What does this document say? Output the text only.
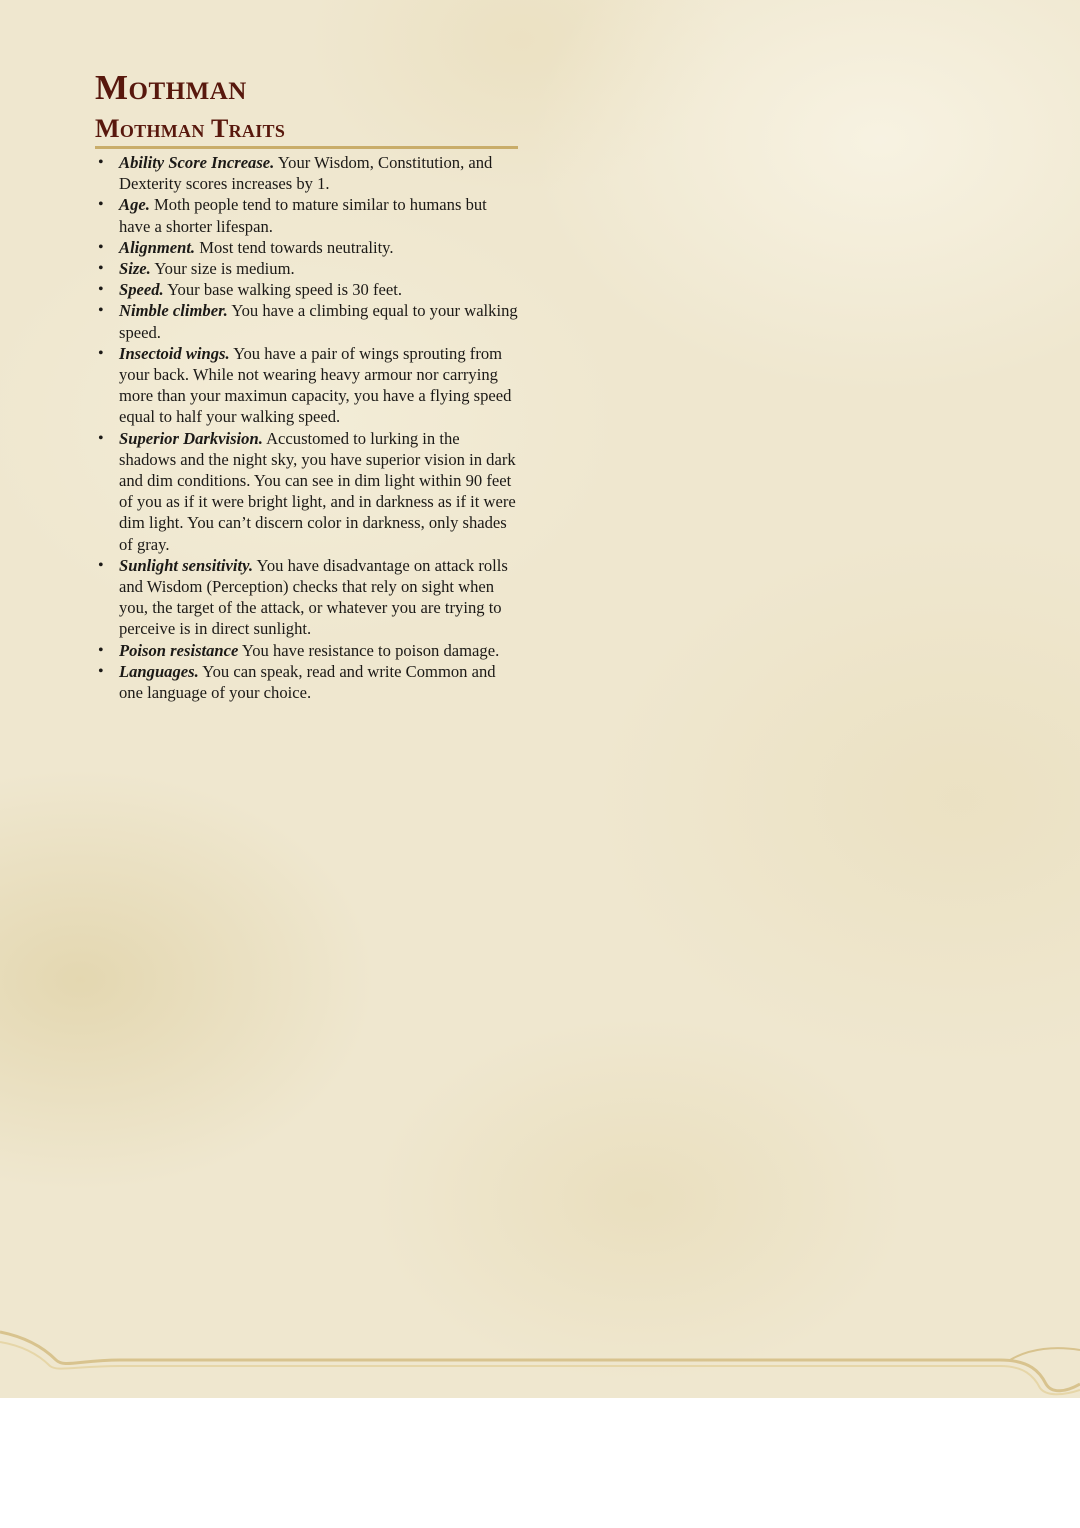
Mothman
Mothman Traits
• Ability Score Increase. Your Wisdom, Constitution, and Dexterity scores increases by 1.
• Age. Moth people tend to mature similar to humans but have a shorter lifespan.
• Alignment. Most tend towards neutrality.
• Size. Your size is medium.
• Speed. Your base walking speed is 30 feet.
• Nimble climber. You have a climbing equal to your walking speed.
• Insectoid wings. You have a pair of wings sprouting from your back. While not wearing heavy armour nor carrying more than your maximun capacity, you have a flying speed equal to half your walking speed.
• Superior Darkvision. Accustomed to lurking in the shadows and the night sky, you have superior vision in dark and dim conditions. You can see in dim light within 90 feet of you as if it were bright light, and in darkness as if it were dim light. You can’t discern color in darkness, only shades of gray.
• Sunlight sensitivity. You have disadvantage on attack rolls and Wisdom (Perception) checks that rely on sight when you, the target of the attack, or whatever you are trying to perceive is in direct sunlight.
• Poison resistance You have resistance to poison damage.
• Languages. You can speak, read and write Common and one language of your choice.
